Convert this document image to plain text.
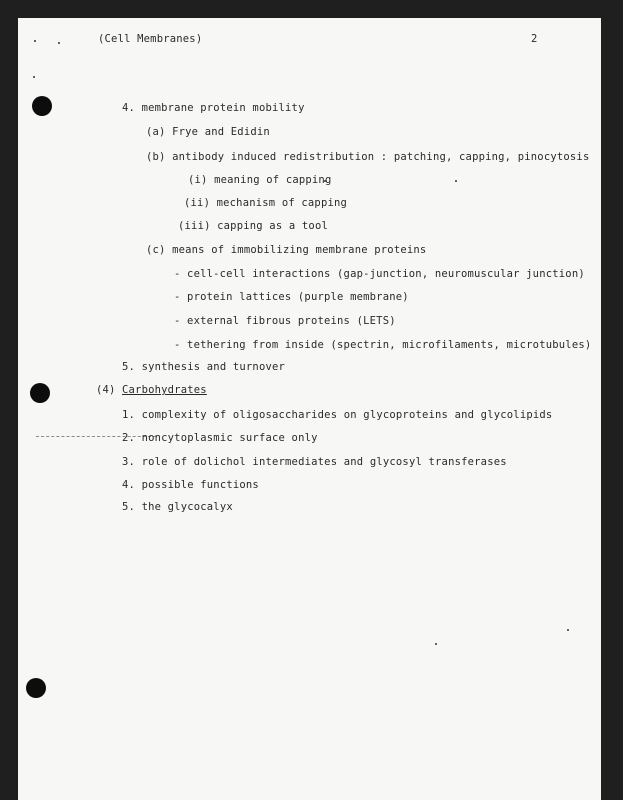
(Cell Membranes)	2
4. membrane protein mobility
(a) Frye and Edidin
(b) antibody induced redistribution : patching, capping, pinocytosis
(i) meaning of capping
(ii) mechanism of capping
(iii) capping as a tool
(c) means of immobilizing membrane proteins
- cell-cell interactions (gap-junction, neuromuscular junction)
- protein lattices (purple membrane)
- external fibrous proteins (LETS)
- tethering from inside (spectrin, microfilaments, microtubules)
5. synthesis and turnover
(4) Carbohydrates
1. complexity of oligosaccharides on glycoproteins and glycolipids
2. noncytoplasmic surface only
3. role of dolichol intermediates and glycosyl transferases
4. possible functions
5. the glycocalyx
